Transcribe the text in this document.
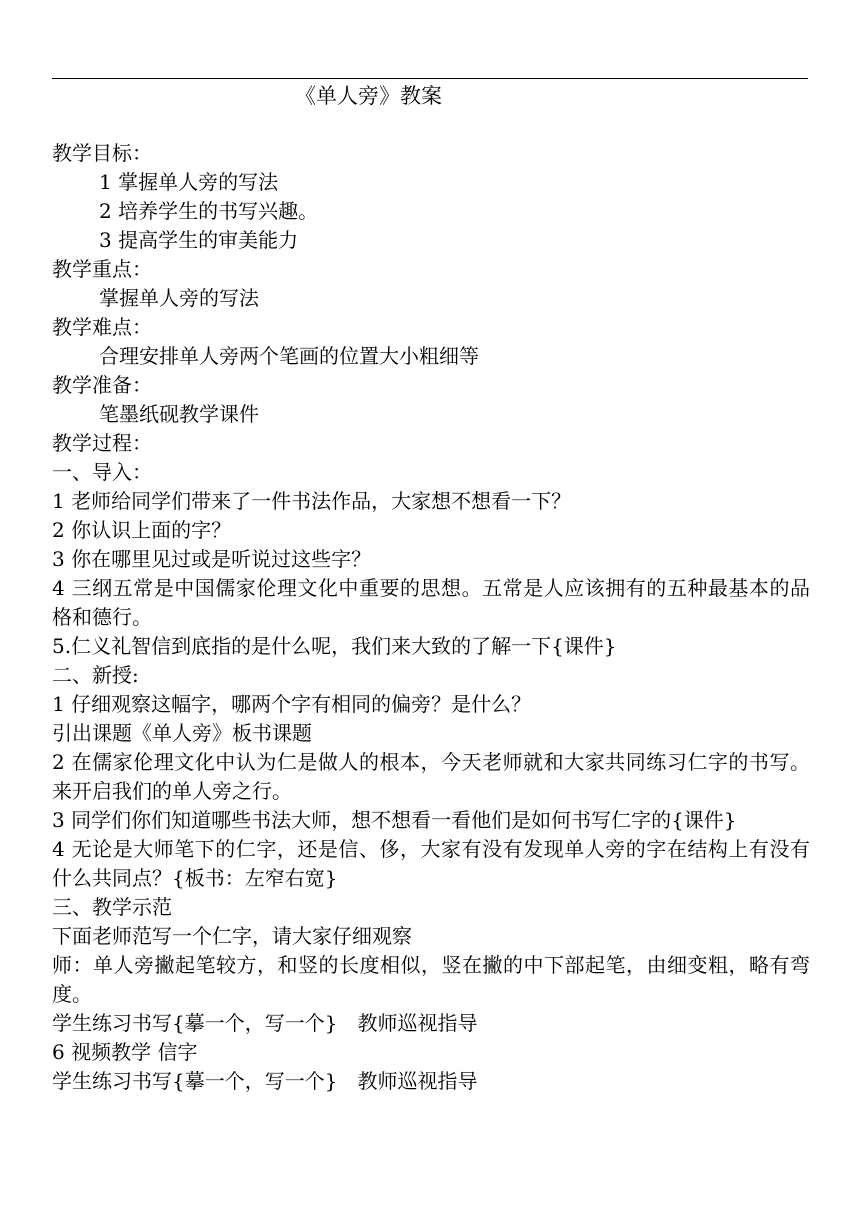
《单人旁》教案
教学目标：
1 掌握单人旁的写法
2 培养学生的书写兴趣。
3 提高学生的审美能力
教学重点：
掌握单人旁的写法
教学难点：
合理安排单人旁两个笔画的位置大小粗细等
教学准备：
笔墨纸砚教学课件
教学过程：
一、导入：
1 老师给同学们带来了一件书法作品，大家想不想看一下？
2 你认识上面的字？
3 你在哪里见过或是听说过这些字？
4 三纲五常是中国儒家伦理文化中重要的思想。五常是人应该拥有的五种最基本的品格和德行。
5.仁义礼智信到底指的是什么呢，我们来大致的了解一下{课件}
二、新授:
1 仔细观察这幅字，哪两个字有相同的偏旁？是什么？
引出课题《单人旁》板书课题
2 在儒家伦理文化中认为仁是做人的根本，今天老师就和大家共同练习仁字的书写。来开启我们的单人旁之行。
3 同学们你们知道哪些书法大师，想不想看一看他们是如何书写仁字的{课件}
4 无论是大师笔下的仁字，还是信、侈，大家有没有发现单人旁的字在结构上有没有什么共同点？{板书：左窄右宽}
三、教学示范
下面老师范写一个仁字，请大家仔细观察
师：单人旁撇起笔较方，和竖的长度相似，竖在撇的中下部起笔，由细变粗，略有弯度。
学生练习书写{摹一个，写一个}　教师巡视指导
6 视频教学 信字
学生练习书写{摹一个，写一个}　教师巡视指导
